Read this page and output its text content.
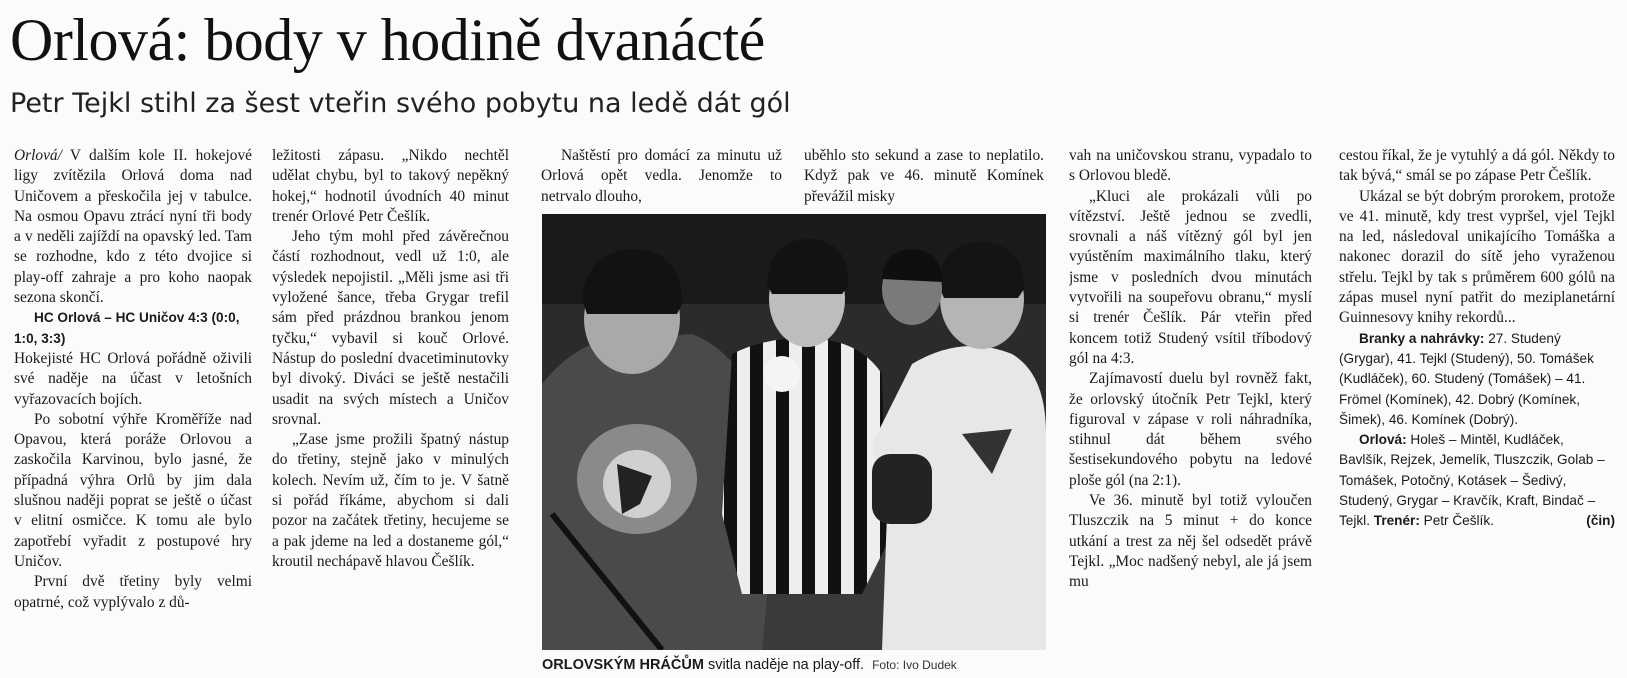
Orlová: body v hodině dvanácté
Petr Tejkl stihl za šest vteřin svého pobytu na ledě dát gól

Orlová/ V dalším kole II. hokejové ligy zvítězila Orlová doma nad Uničovem a přeskočila jej v tabulce. Na osmou Opavu ztrácí nyní tři body a v neděli zajíždí na opavský led. Tam se rozhodne, kdo z této dvojice si play-off zahraje a pro koho naopak sezona skončí.

HC Orlová – HC Uničov 4:3 (0:0, 1:0, 3:3)

Hokejisté HC Orlová pořádně oživili své naděje na účast v letošních vyřazovacích bojích.

Po sobotní výhře Kroměříže nad Opavou, která poráže Orlovou a zaskočila Karvinou, bylo jasné, že případná výhra Orlů by jim dala slušnou naději poprat se ještě o účast v elitní osmičce. K tomu ale bylo zapotřebí vyřadit z postupové hry Uničov.

První dvě třetiny byly velmi opatrné, což vyplývalo z dů-

ležitosti zápasu. „Nikdo nechtěl udělat chybu, byl to takový nepěkný hokej,“ hodnotil úvodních 40 minut trenér Orlové Petr Češlík.

Jeho tým mohl před závěrečnou částí rozhodnout, vedl už 1:0, ale výsledek nepojistil. „Měli jsme asi tři vyložené šance, třeba Grygar trefil sám před prázdnou brankou jenom tyčku,“ vybavil si kouč Orlové. Nástup do poslední dvacetiminutovky byl divoký. Diváci se ještě nestačili usadit na svých místech a Uničov srovnal.

„Zase jsme prožili špatný nástup do třetiny, stejně jako v minulých kolech. Nevím už, čím to je. V šatně si pořád říkáme, abychom si dali pozor na začátek třetiny, hecujeme se a pak jdeme na led a dostaneme gól,“ kroutil nechápavě hlavou Češlík.

Naštěstí pro domácí za minutu už Orlová opět vedla. Jenomže to netrvalo dlouho,

uběhlo sto sekund a zase to neplatilo. Když pak ve 46. minutě Komínek převážil misky

ORLOVSKÝM HRÁČŮM svitla naděje na play-off. Foto: Ivo Dudek

vah na uničovskou stranu, vypadalo to s Orlovou bledě.

„Kluci ale prokázali vůli po vítězství. Ještě jednou se zvedli, srovnali a náš vítězný gól byl jen vyústěním maximálního tlaku, který jsme v posledních dvou minutách vytvořili na soupeřovu obranu,“ myslí si trenér Češlík. Pár vteřin před koncem totiž Studený vsítil tříbodový gól na 4:3.

Zajímavostí duelu byl rovněž fakt, že orlovský útočník Petr Tejkl, který figuroval v zápase v roli náhradníka, stihnul dát během svého šestisekundového pobytu na ledové ploše gól (na 2:1).

Ve 36. minutě byl totiž vyloučen Tluszczik na 5 minut + do konce utkání a trest za něj šel odsedět právě Tejkl. „Moc nadšený nebyl, ale já jsem mu

cestou říkal, že je vytuhlý a dá gól. Někdy to tak bývá,“ smál se po zápase Petr Češlík.

Ukázal se být dobrým prorokem, protože ve 41. minutě, kdy trest vypršel, vjel Tejkl na led, následoval unikajícího Tomáška a nakonec dorazil do sítě jeho vyraženou střelu. Tejkl by tak s průměrem 600 gólů na zápas musel nyní patřit do meziplanetární Guinnesovy knihy rekordů...

Branky a nahrávky: 27. Studený (Grygar), 41. Tejkl (Studený), 50. Tomášek (Kudláček), 60. Studený (Tomášek) – 41. Frömel (Komínek), 42. Dobrý (Komínek, Šimek), 46. Komínek (Dobrý).

Orlová: Holeš – Mintěl, Kudláček, Bavlšík, Rejzek, Jemelík, Tluszczik, Golab – Tomášek, Potočný, Kotásek – Šedivý, Studený, Grygar – Kravčík, Kraft, Bindač – Tejkl. Trenér: Petr Češlík.	(čin)
